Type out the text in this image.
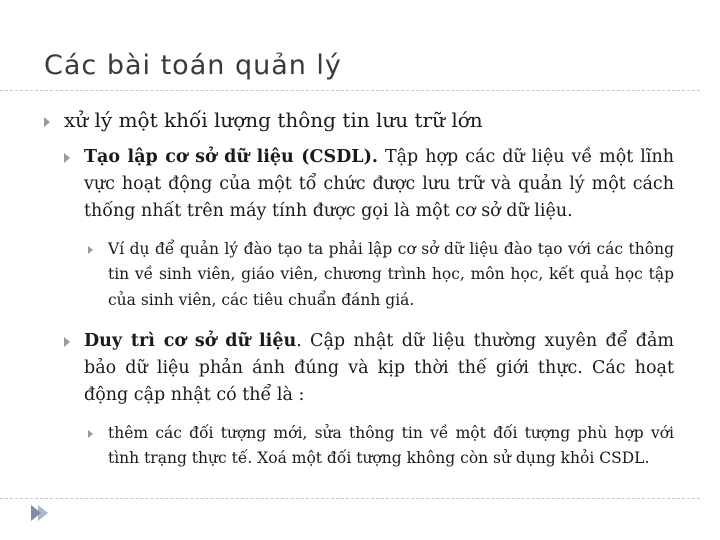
Các bài toán quản lý
xử lý một khối lượng thông tin lưu trữ lớn
Tạo lập cơ sở dữ liệu (CSDL). Tập hợp các dữ liệu về một lĩnh vực hoạt động của một tổ chức được lưu trữ và quản lý một cách thống nhất trên máy tính được gọi là một cơ sở dữ liệu.
Ví dụ để quản lý đào tạo ta phải lập cơ sở dữ liệu đào tạo với các thông tin về sinh viên, giáo viên, chương trình học, môn học, kết quả học tập của sinh viên, các tiêu chuẩn đánh giá.
Duy trì cơ sở dữ liệu. Cập nhật dữ liệu thường xuyên để đảm bảo dữ liệu phản ánh đúng và kịp thời thế giới thực. Các hoạt động cập nhật có thể là :
thêm các đối tượng mới, sửa thông tin về một đối tượng phù hợp với tình trạng thực tế. Xoá một đối tượng không còn sử dụng khỏi CSDL.
